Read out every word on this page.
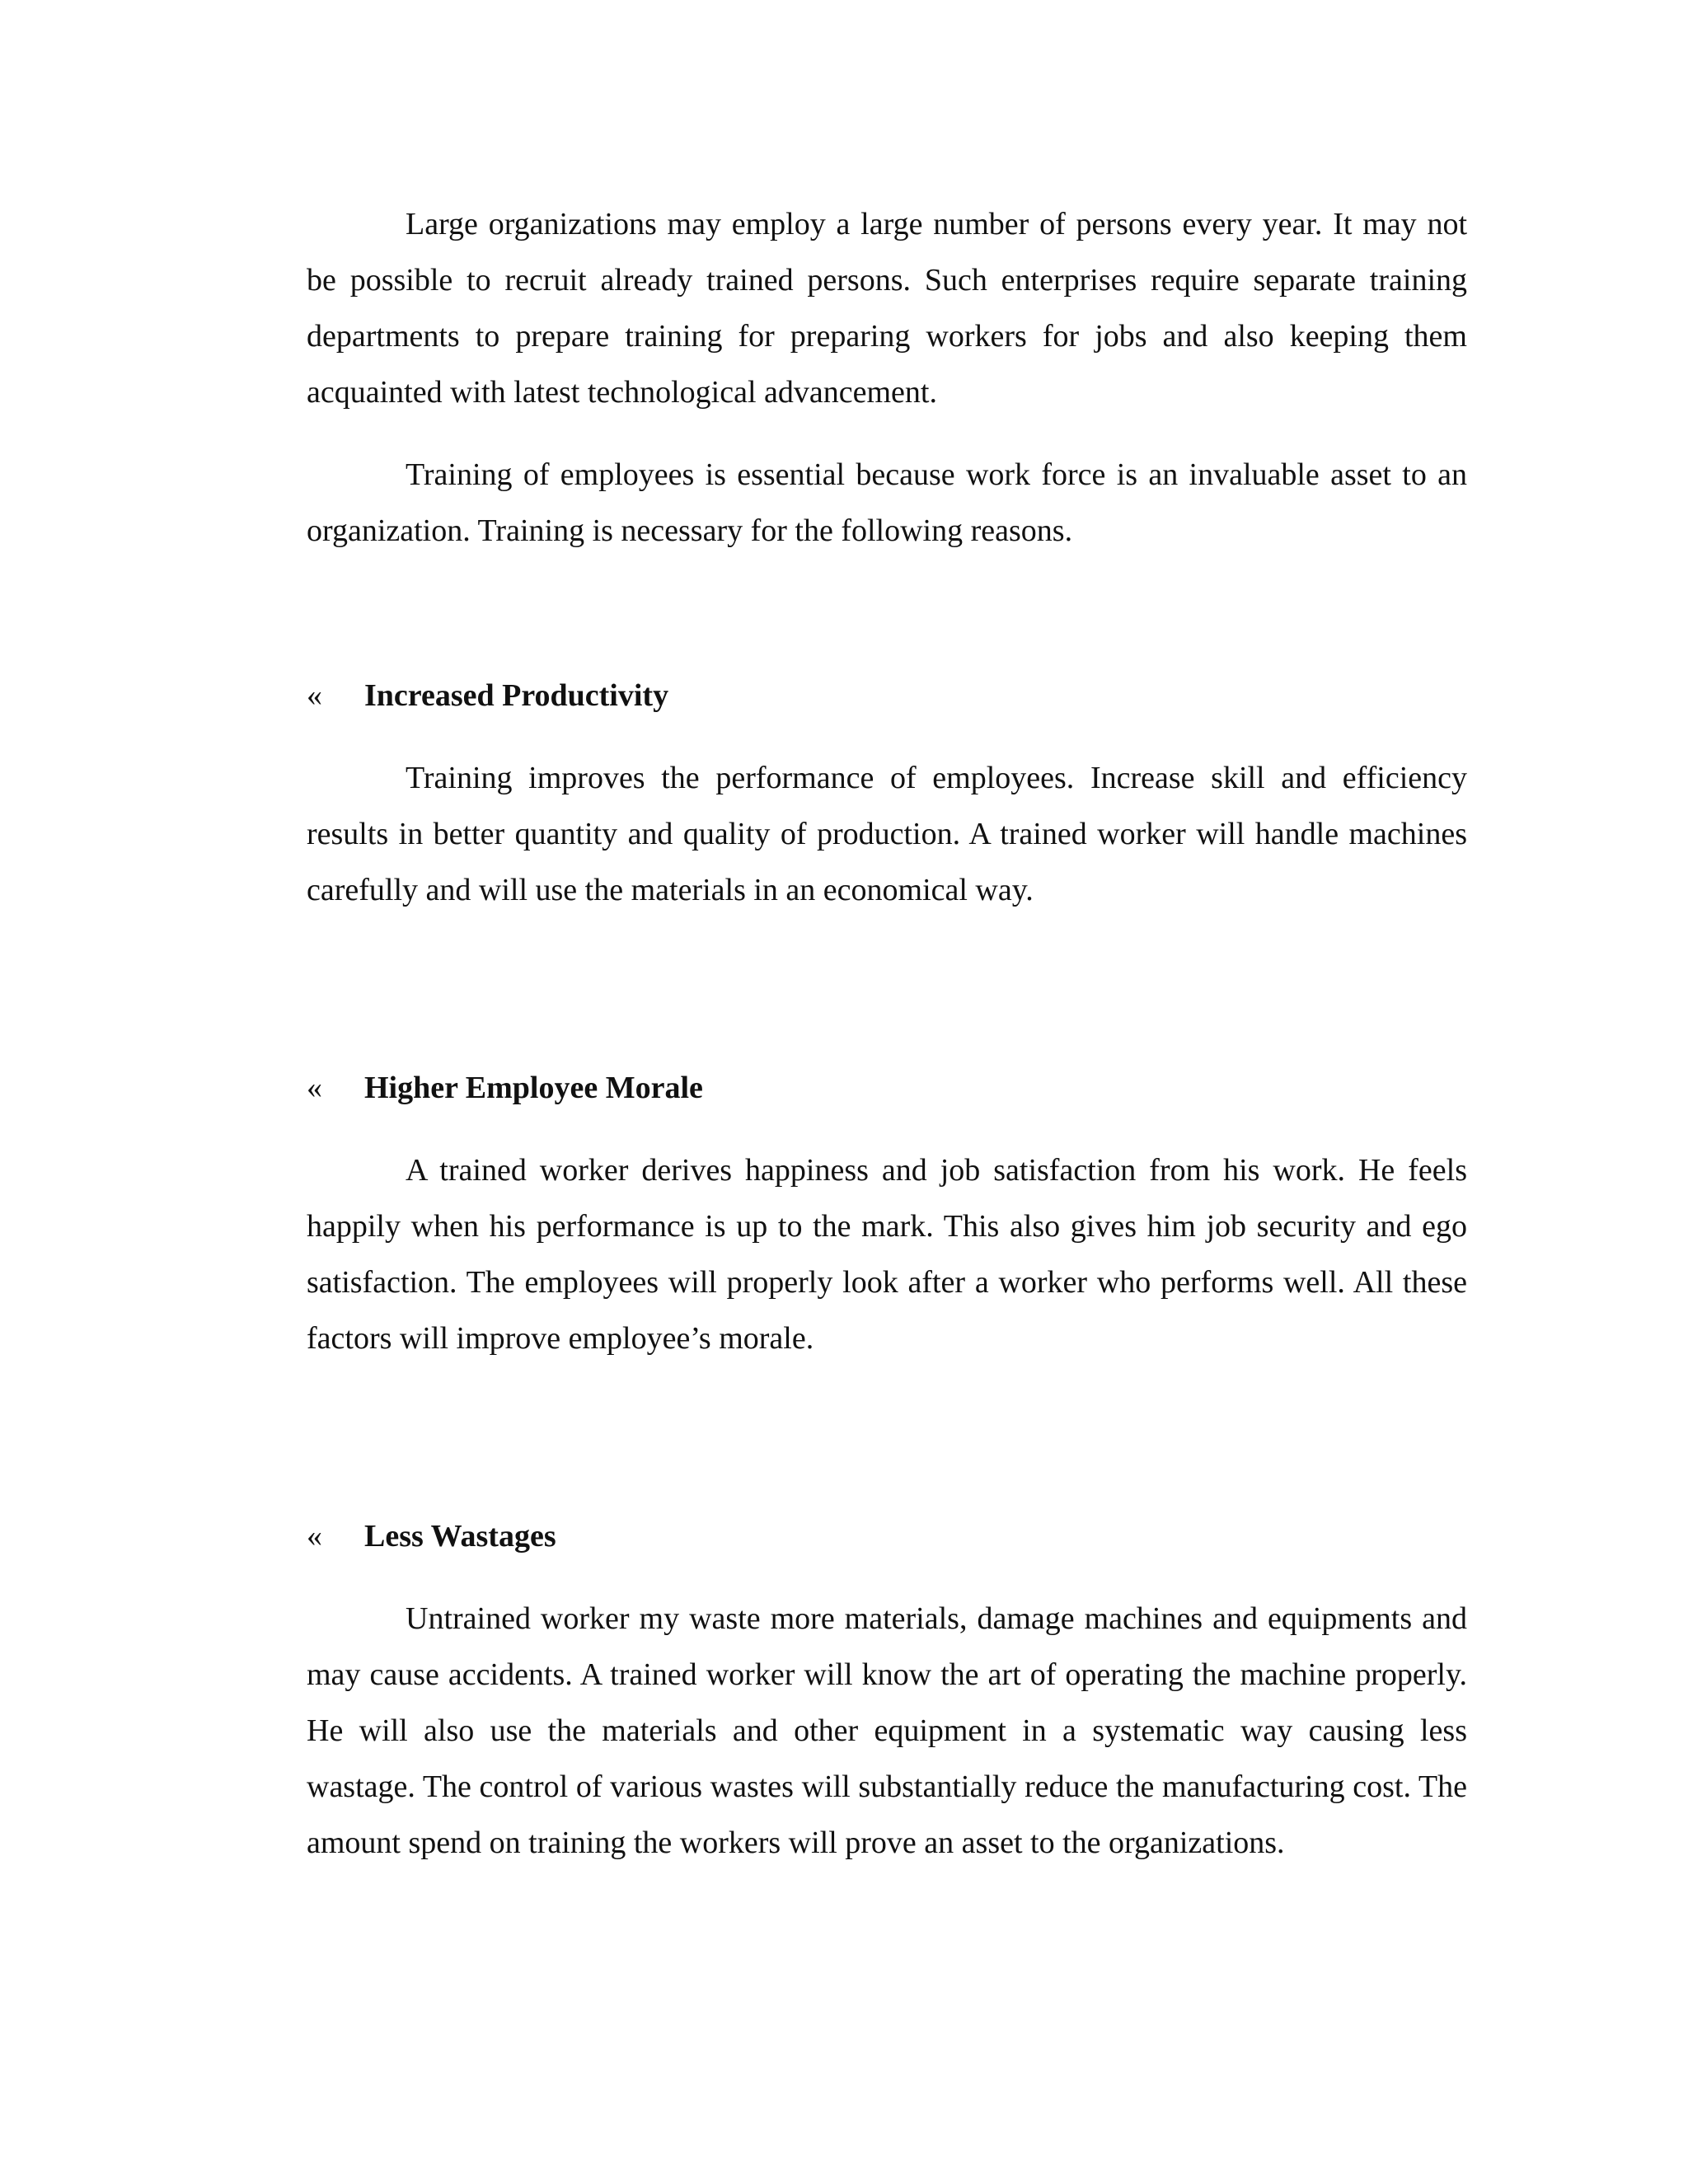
Large organizations may employ a large number of persons every year. It may not be possible to recruit already trained persons. Such enterprises require separate training departments to prepare training for preparing workers for jobs and also keeping them acquainted with latest technological advancement.

Training of employees is essential because work force is an invaluable asset to an organization. Training is necessary for the following reasons.

«	Increased Productivity

Training improves the performance of employees. Increase skill and efficiency results in better quantity and quality of production. A trained worker will handle machines carefully and will use the materials in an economical way.

«	Higher Employee Morale

A trained worker derives happiness and job satisfaction from his work. He feels happily when his performance is up to the mark. This also gives him job security and ego satisfaction. The employees will properly look after a worker who performs well. All these factors will improve employee’s morale.

«	Less Wastages

Untrained worker my waste more materials, damage machines and equipments and may cause accidents. A trained worker will know the art of operating the machine properly. He will also use the materials and other equipment in a systematic way causing less wastage. The control of various wastes will substantially reduce the manufacturing cost. The amount spend on training the workers will prove an asset to the organizations.
